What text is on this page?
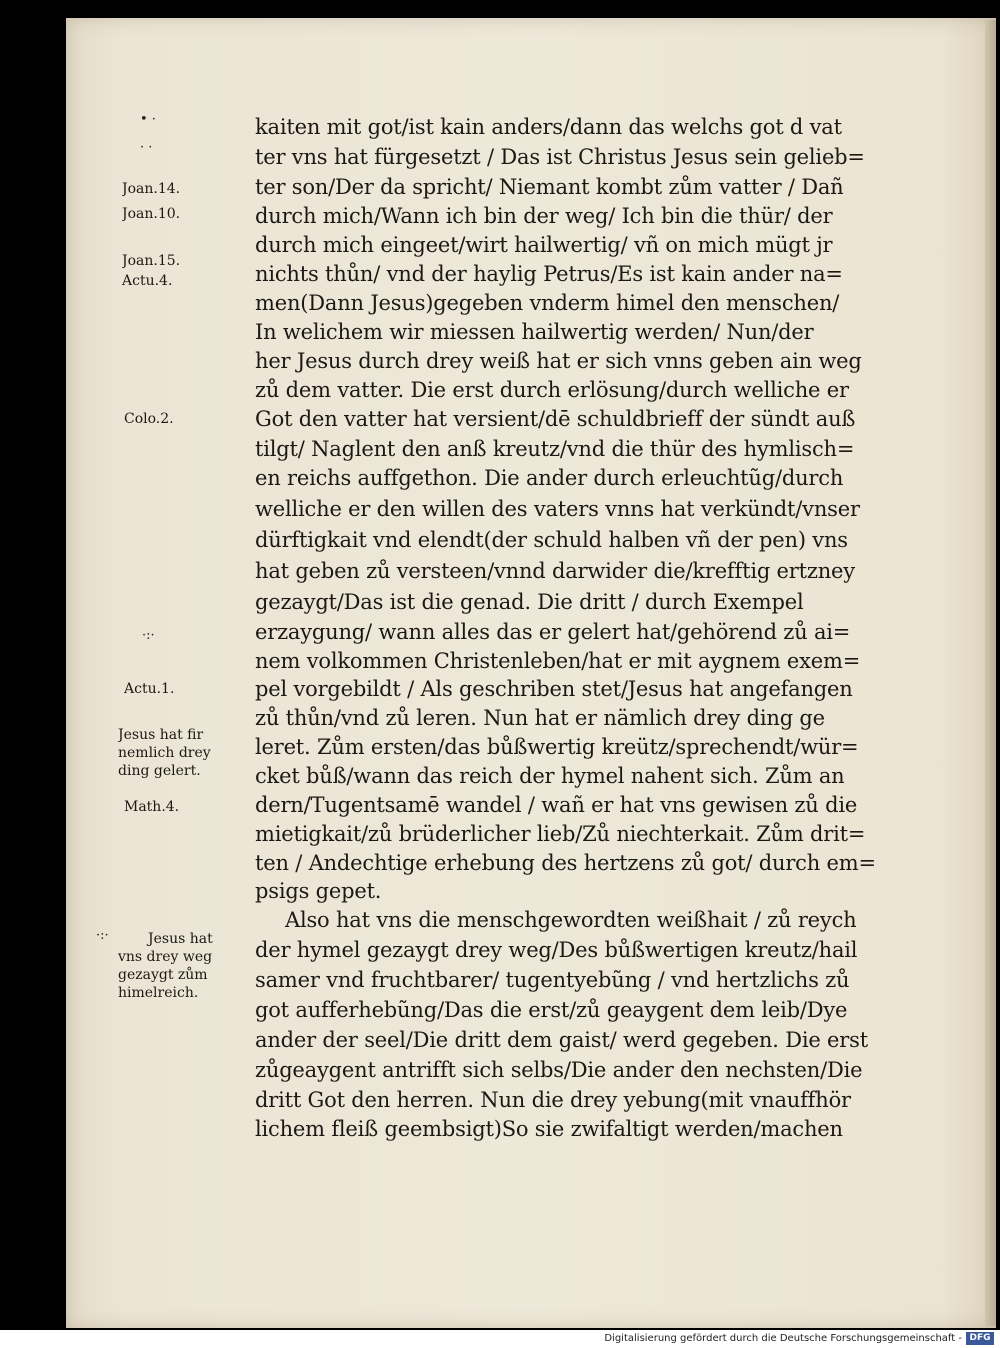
• ·
· ·
·:·
·:·
Joan.14.
Joan.10.
Joan.15.
Actu.4.
Colo.2.
Actu.1.
Jesus hat fir
nemlich drey
ding gelert.
Math.4.
Jesus hat
vns drey weg
gezaygt zům
himelreich.
kaiten mit got/ist kain anders/dann das welchs got d vat
ter vns hat fürgesetzt / Das ist Christus Jesus sein gelieb=
ter son/Der da spricht/ Niemant kombt zům vatter / Dañ
durch mich/Wann ich bin der weg/ Ich bin die thür/ der
durch mich eingeet/wirt hailwertig/ vñ on mich mügt jr
nichts thůn/ vnd der haylig Petrus/Es ist kain ander na=
men(Dann Jesus)gegeben vnderm himel den menschen/
In welichem wir miessen hailwertig werden/ Nun/der
her Jesus durch drey weiß hat er sich vnns geben ain weg
zů dem vatter. Die erst durch erlösung/durch welliche er
Got den vatter hat versient/dē schuldbrieff der sündt auß
tilgt/ Naglent den anß kreutz/vnd die thür des hymlisch=
en reichs auffgethon. Die ander durch erleuchtũg/durch
welliche er den willen des vaters vnns hat verkündt/vnser
dürftigkait vnd elendt(der schuld halben vñ der pen) vns
hat geben zů versteen/vnnd darwider die/krefftig ertzney
gezaygt/Das ist die genad. Die dritt / durch Exempel
erzaygung/ wann alles das er gelert hat/gehörend zů ai=
nem volkommen Christenleben/hat er mit aygnem exem=
pel vorgebildt / Als geschriben stet/Jesus hat angefangen
zů thůn/vnd zů leren. Nun hat er nämlich drey ding ge
leret. Zům ersten/das bůßwertig kreütz/sprechendt/wür=
cket bůß/wann das reich der hymel nahent sich. Zům an
dern/Tugentsamē wandel / wañ er hat vns gewisen zů die
mietigkait/zů brüderlicher lieb/Zů niechterkait. Zům drit=
ten / Andechtige erhebung des hertzens zů got/ durch em=
psigs gepet.
Also hat vns die menschgewordten weißhait / zů reych
der hymel gezaygt drey weg/Des bůßwertigen kreutz/hail
samer vnd fruchtbarer/ tugentyebũng / vnd hertzlichs zů
got aufferhebũng/Das die erst/zů geaygent dem leib/Dye
ander der seel/Die dritt dem gaist/ werd gegeben. Die erst
zůgeaygent antrifft sich selbs/Die ander den nechsten/Die
dritt Got den herren. Nun die drey yebung(mit vnauffhör
lichem fleiß geembsigt)So sie zwifaltigt werden/machen
Digitalisierung gefördert durch die Deutsche Forschungsgemeinschaft - DFG
